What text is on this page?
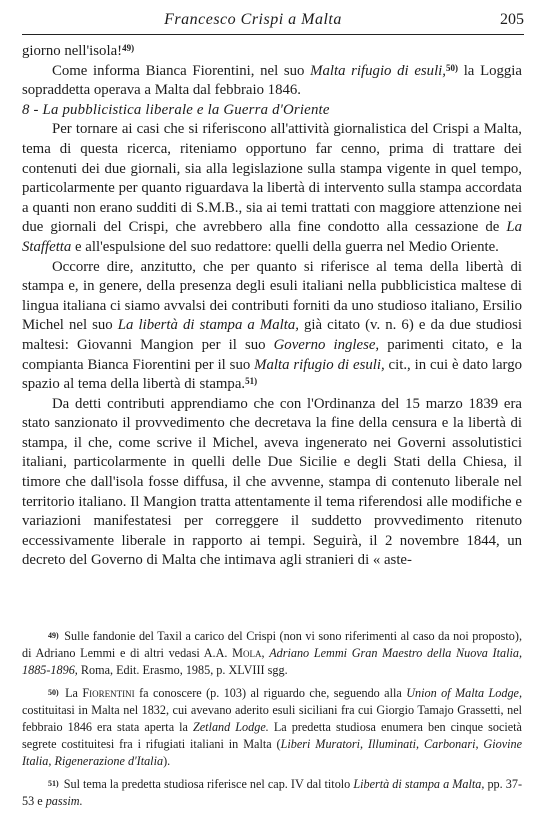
Francesco Crispi a Malta	205

giorno nell'isola!$^{49)}$

Come informa Bianca Fiorentini, nel suo Malta rifugio di esuli,$^{50)}$ la Loggia sopraddetta operava a Malta dal febbraio 1846.

8 - La pubblicistica liberale e la Guerra d'Oriente

Per tornare ai casi che si riferiscono all'attività giornalistica del Crispi a Malta, tema di questa ricerca, riteniamo opportuno far cenno, prima di trattare dei contenuti dei due giornali, sia alla legislazione sulla stampa vigente in quel tempo, particolarmente per quanto riguardava la libertà di intervento sulla stampa accordata a quanti non erano sudditi di S.M.B., sia ai temi trattati con maggiore attenzione nei due giornali del Crispi, che avrebbero alla fine condotto alla cessazione de La Staffetta e all'espulsione del suo redattore: quelli della guerra nel Medio Oriente.

Occorre dire, anzitutto, che per quanto si riferisce al tema della libertà di stampa e, in genere, della presenza degli esuli italiani nella pubblicistica maltese di lingua italiana ci siamo avvalsi dei contributi forniti da uno studioso italiano, Ersilio Michel nel suo La libertà di stampa a Malta, già citato (v. n. 6) e da due studiosi maltesi: Giovanni Mangion per il suo Governo inglese, parimenti citato, e la compianta Bianca Fiorentini per il suo Malta rifugio di esuli, cit., in cui è dato largo spazio al tema della libertà di stampa.$^{51)}$

Da detti contributi apprendiamo che con l'Ordinanza del 15 marzo 1839 era stato sanzionato il provvedimento che decretava la fine della censura e la libertà di stampa, il che, come scrive il Michel, aveva ingenerato nei Governi assolutistici italiani, particolarmente in quelli delle Due Sicilie e degli Stati della Chiesa, il timore che dall'isola fosse diffusa, il che avvenne, stampa di contenuto liberale nel territorio italiano. Il Mangion tratta attentamente il tema riferendosi alle modifiche e variazioni manifestatesi per correggere il suddetto provvedimento ritenuto eccessivamente liberale in rapporto ai tempi. Seguirà, il 2 novembre 1844, un decreto del Governo di Malta che intimava agli stranieri di « aste-

$^{49)}$ Sulle fandonie del Taxil a carico del Crispi (non vi sono riferimenti al caso da noi proposto), di Adriano Lemmi e di altri vedasi A.A. Mola, Adriano Lemmi Gran Maestro della Nuova Italia, 1885-1896, Roma, Edit. Erasmo, 1985, p. XLVIII sgg.

$^{50)}$ La Fiorentini fa conoscere (p. 103) al riguardo che, seguendo alla Union of Malta Lodge, costituitasi in Malta nel 1832, cui avevano aderito esuli siciliani fra cui Giorgio Tamajo Grassetti, nel febbraio 1846 era stata aperta la Zetland Lodge. La predetta studiosa enumera ben cinque società segrete costituitesi fra i rifugiati italiani in Malta (Liberi Muratori, Illuminati, Carbonari, Giovine Italia, Rigenerazione d'Italia).

$^{51)}$ Sul tema la predetta studiosa riferisce nel cap. IV dal titolo Libertà di stampa a Malta, pp. 37-53 e passim.
